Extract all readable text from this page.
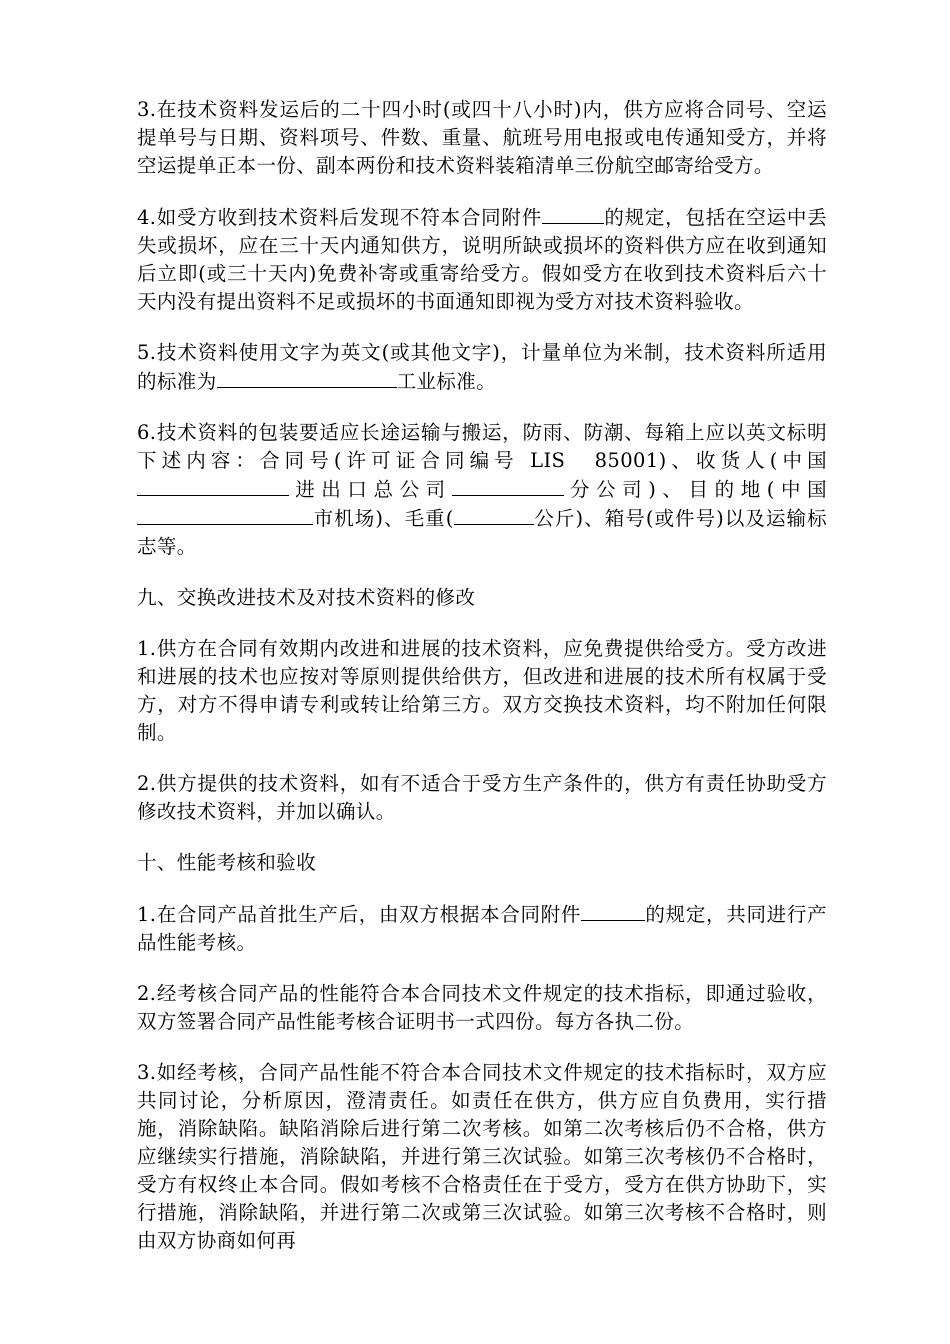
3.在技术资料发运后的二十四小时(或四十八小时)内，供方应将合同号、空运提单号与日期、资料项号、件数、重量、航班号用电报或电传通知受方，并将空运提单正本一份、副本两份和技术资料装箱清单三份航空邮寄给受方。

4.如受方收到技术资料后发现不符本合同附件	的规定，包括在空运中丢失或损坏，应在三十天内通知供方，说明所缺或损坏的资料供方应在收到通知后立即(或三十天内)免费补寄或重寄给受方。假如受方在收到技术资料后六十天内没有提出资料不足或损坏的书面通知即视为受方对技术资料验收。

5.技术资料使用文字为英文(或其他文字)，计量单位为米制，技术资料所适用的标准为	工业标准。

6.技术资料的包装要适应长途运输与搬运，防雨、防潮、每箱上应以英文标明下述内容：合同号(许可证合同编号 LIS　85001)、收货人(中国进出口总公司	分公司)、目的地(中国市机场)、毛重(	公斤)、箱号(或件号)以及运输标志等。

九、交换改进技术及对技术资料的修改

1.供方在合同有效期内改进和进展的技术资料，应免费提供给受方。受方改进和进展的技术也应按对等原则提供给供方，但改进和进展的技术所有权属于受方，对方不得申请专利或转让给第三方。双方交换技术资料，均不附加任何限制。

2.供方提供的技术资料，如有不适合于受方生产条件的，供方有责任协助受方修改技术资料，并加以确认。

十、性能考核和验收

1.在合同产品首批生产后，由双方根据本合同附件	的规定，共同进行产品性能考核。

2.经考核合同产品的性能符合本合同技术文件规定的技术指标，即通过验收，双方签署合同产品性能考核合证明书一式四份。每方各执二份。

3.如经考核，合同产品性能不符合本合同技术文件规定的技术指标时，双方应共同讨论，分析原因，澄清责任。如责任在供方，供方应自负费用，实行措施，消除缺陷。缺陷消除后进行第二次考核。如第二次考核后仍不合格，供方应继续实行措施，消除缺陷，并进行第三次试验。如第三次考核仍不合格时，受方有权终止本合同。假如考核不合格责任在于受方，受方在供方协助下，实行措施，消除缺陷，并进行第二次或第三次试验。如第三次考核不合格时，则由双方协商如何再
